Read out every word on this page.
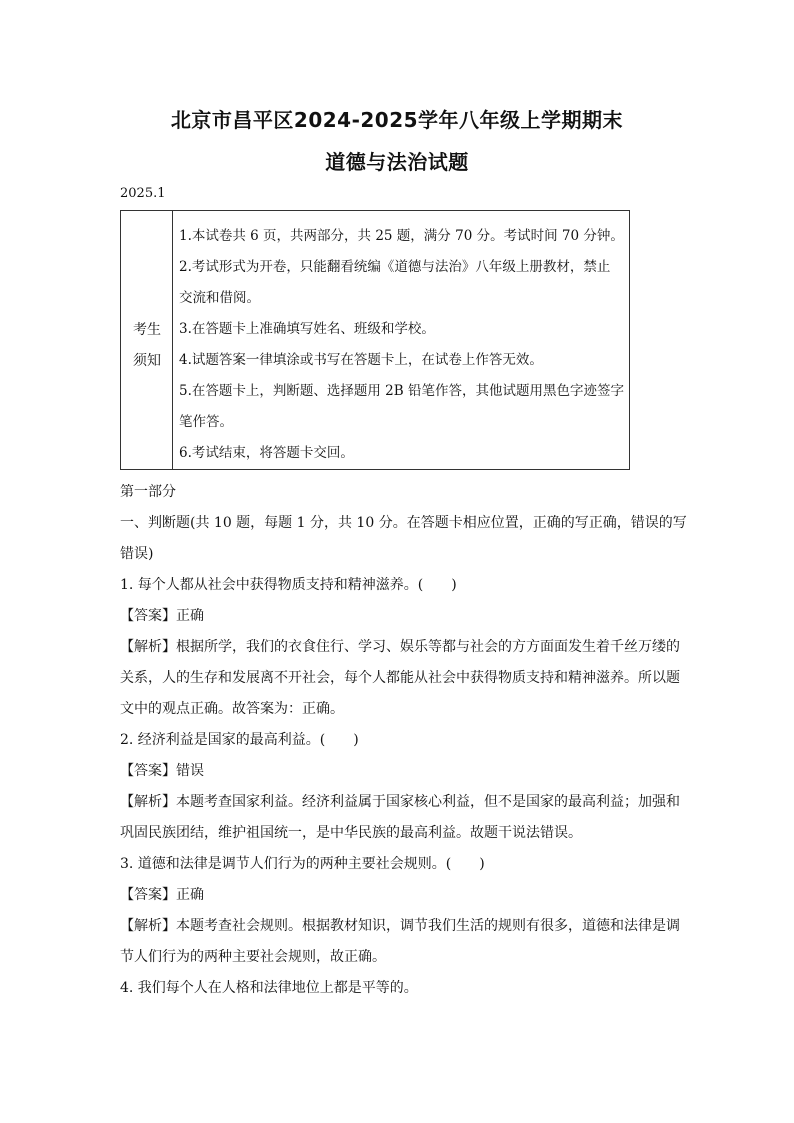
北京市昌平区2024-2025学年八年级上学期期末
道德与法治试题
2025.1
考生
须知
1.本试卷共 6 页，共两部分，共 25 题，满分 70 分。考试时间 70 分钟。
2.考试形式为开卷，只能翻看统编《道德与法治》八年级上册教材，禁止
交流和借阅。
3.在答题卡上准确填写姓名、班级和学校。
4.试题答案一律填涂或书写在答题卡上，在试卷上作答无效。
5.在答题卡上，判断题、选择题用 2B 铅笔作答，其他试题用黑色字迹签字
笔作答。
6.考试结束，将答题卡交回。
第一部分
一、判断题(共 10 题，每题 1 分，共 10 分。在答题卡相应位置，正确的写正确，错误的写
错误)
1. 每个人都从社会中获得物质支持和精神滋养。(　　)
【答案】正确
【解析】根据所学，我们的衣食住行、学习、娱乐等都与社会的方方面面发生着千丝万缕的
关系，人的生存和发展离不开社会，每个人都能从社会中获得物质支持和精神滋养。所以题
文中的观点正确。故答案为：正确。
2. 经济利益是国家的最高利益。(　　)
【答案】错误
【解析】本题考查国家利益。经济利益属于国家核心利益，但不是国家的最高利益；加强和
巩固民族团结，维护祖国统一，是中华民族的最高利益。故题干说法错误。
3. 道德和法律是调节人们行为的两种主要社会规则。(　　)
【答案】正确
【解析】本题考查社会规则。根据教材知识，调节我们生活的规则有很多，道德和法律是调
节人们行为的两种主要社会规则，故正确。
4. 我们每个人在人格和法律地位上都是平等的。
